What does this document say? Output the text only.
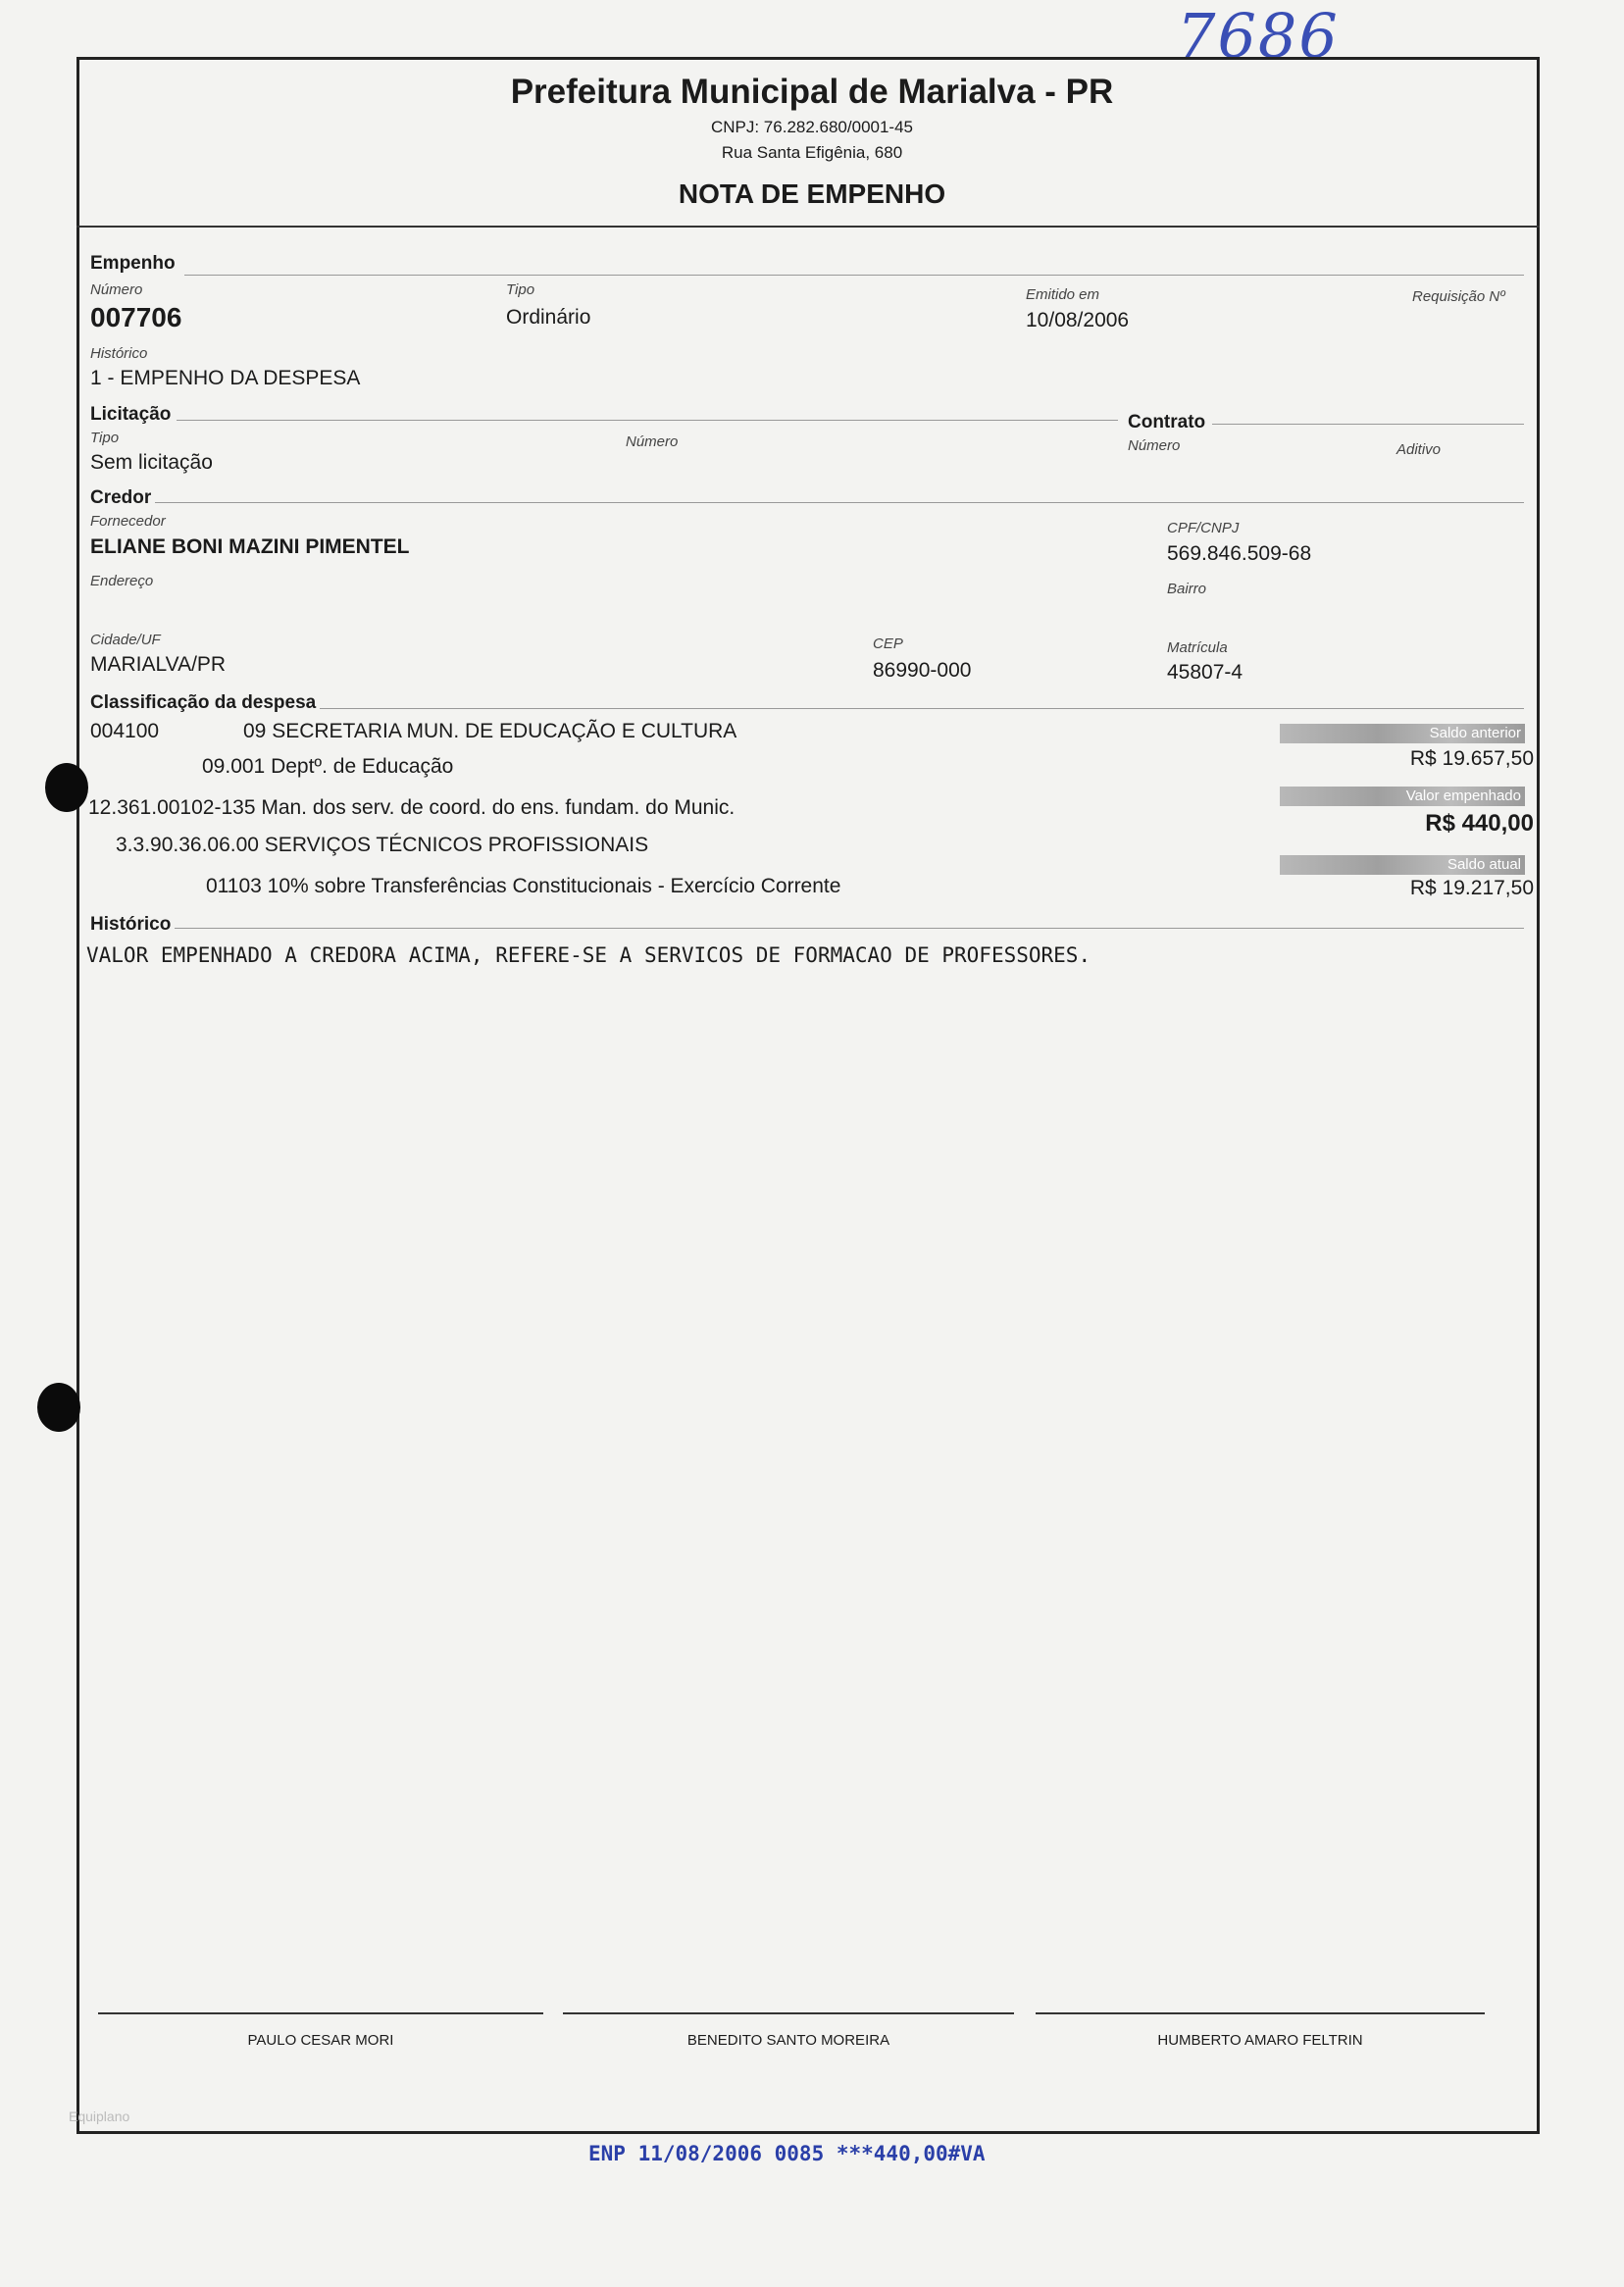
7686
Prefeitura Municipal de Marialva - PR
CNPJ: 76.282.680/0001-45
Rua Santa Efigênia, 680
NOTA DE EMPENHO
Empenho
Número
007706
Tipo
Ordinário
Emitido em
10/08/2006
Requisição Nº
Histórico
1 - EMPENHO DA DESPESA
Licitação
Tipo
Sem licitação
Número
Contrato
Número	Aditivo
Credor
Fornecedor
ELIANE BONI MAZINI PIMENTEL
CPF/CNPJ
569.846.509-68
Endereço	Bairro
Cidade/UF
MARIALVA/PR
CEP
86990-000
Matrícula
45807-4
Classificação da despesa
004100	09 SECRETARIA MUN. DE EDUCAÇÃO E CULTURA
09.001 Deptº. de Educação
12.361.00102-135 Man. dos serv. de coord. do ens. fundam. do Munic.
3.3.90.36.06.00 SERVIÇOS TÉCNICOS PROFISSIONAIS
01103 10% sobre Transferências Constitucionais - Exercício Corrente
Saldo anterior
R$ 19.657,50
Valor empenhado
R$ 440,00
Saldo atual
R$ 19.217,50
Histórico
VALOR EMPENHADO A CREDORA ACIMA, REFERE-SE A SERVICOS DE FORMACAO DE PROFESSORES.
PAULO CESAR MORI	BENEDITO SANTO MOREIRA	HUMBERTO AMARO FELTRIN
Equiplano
ENP 11/08/2006 0085 ***440,00#VA
